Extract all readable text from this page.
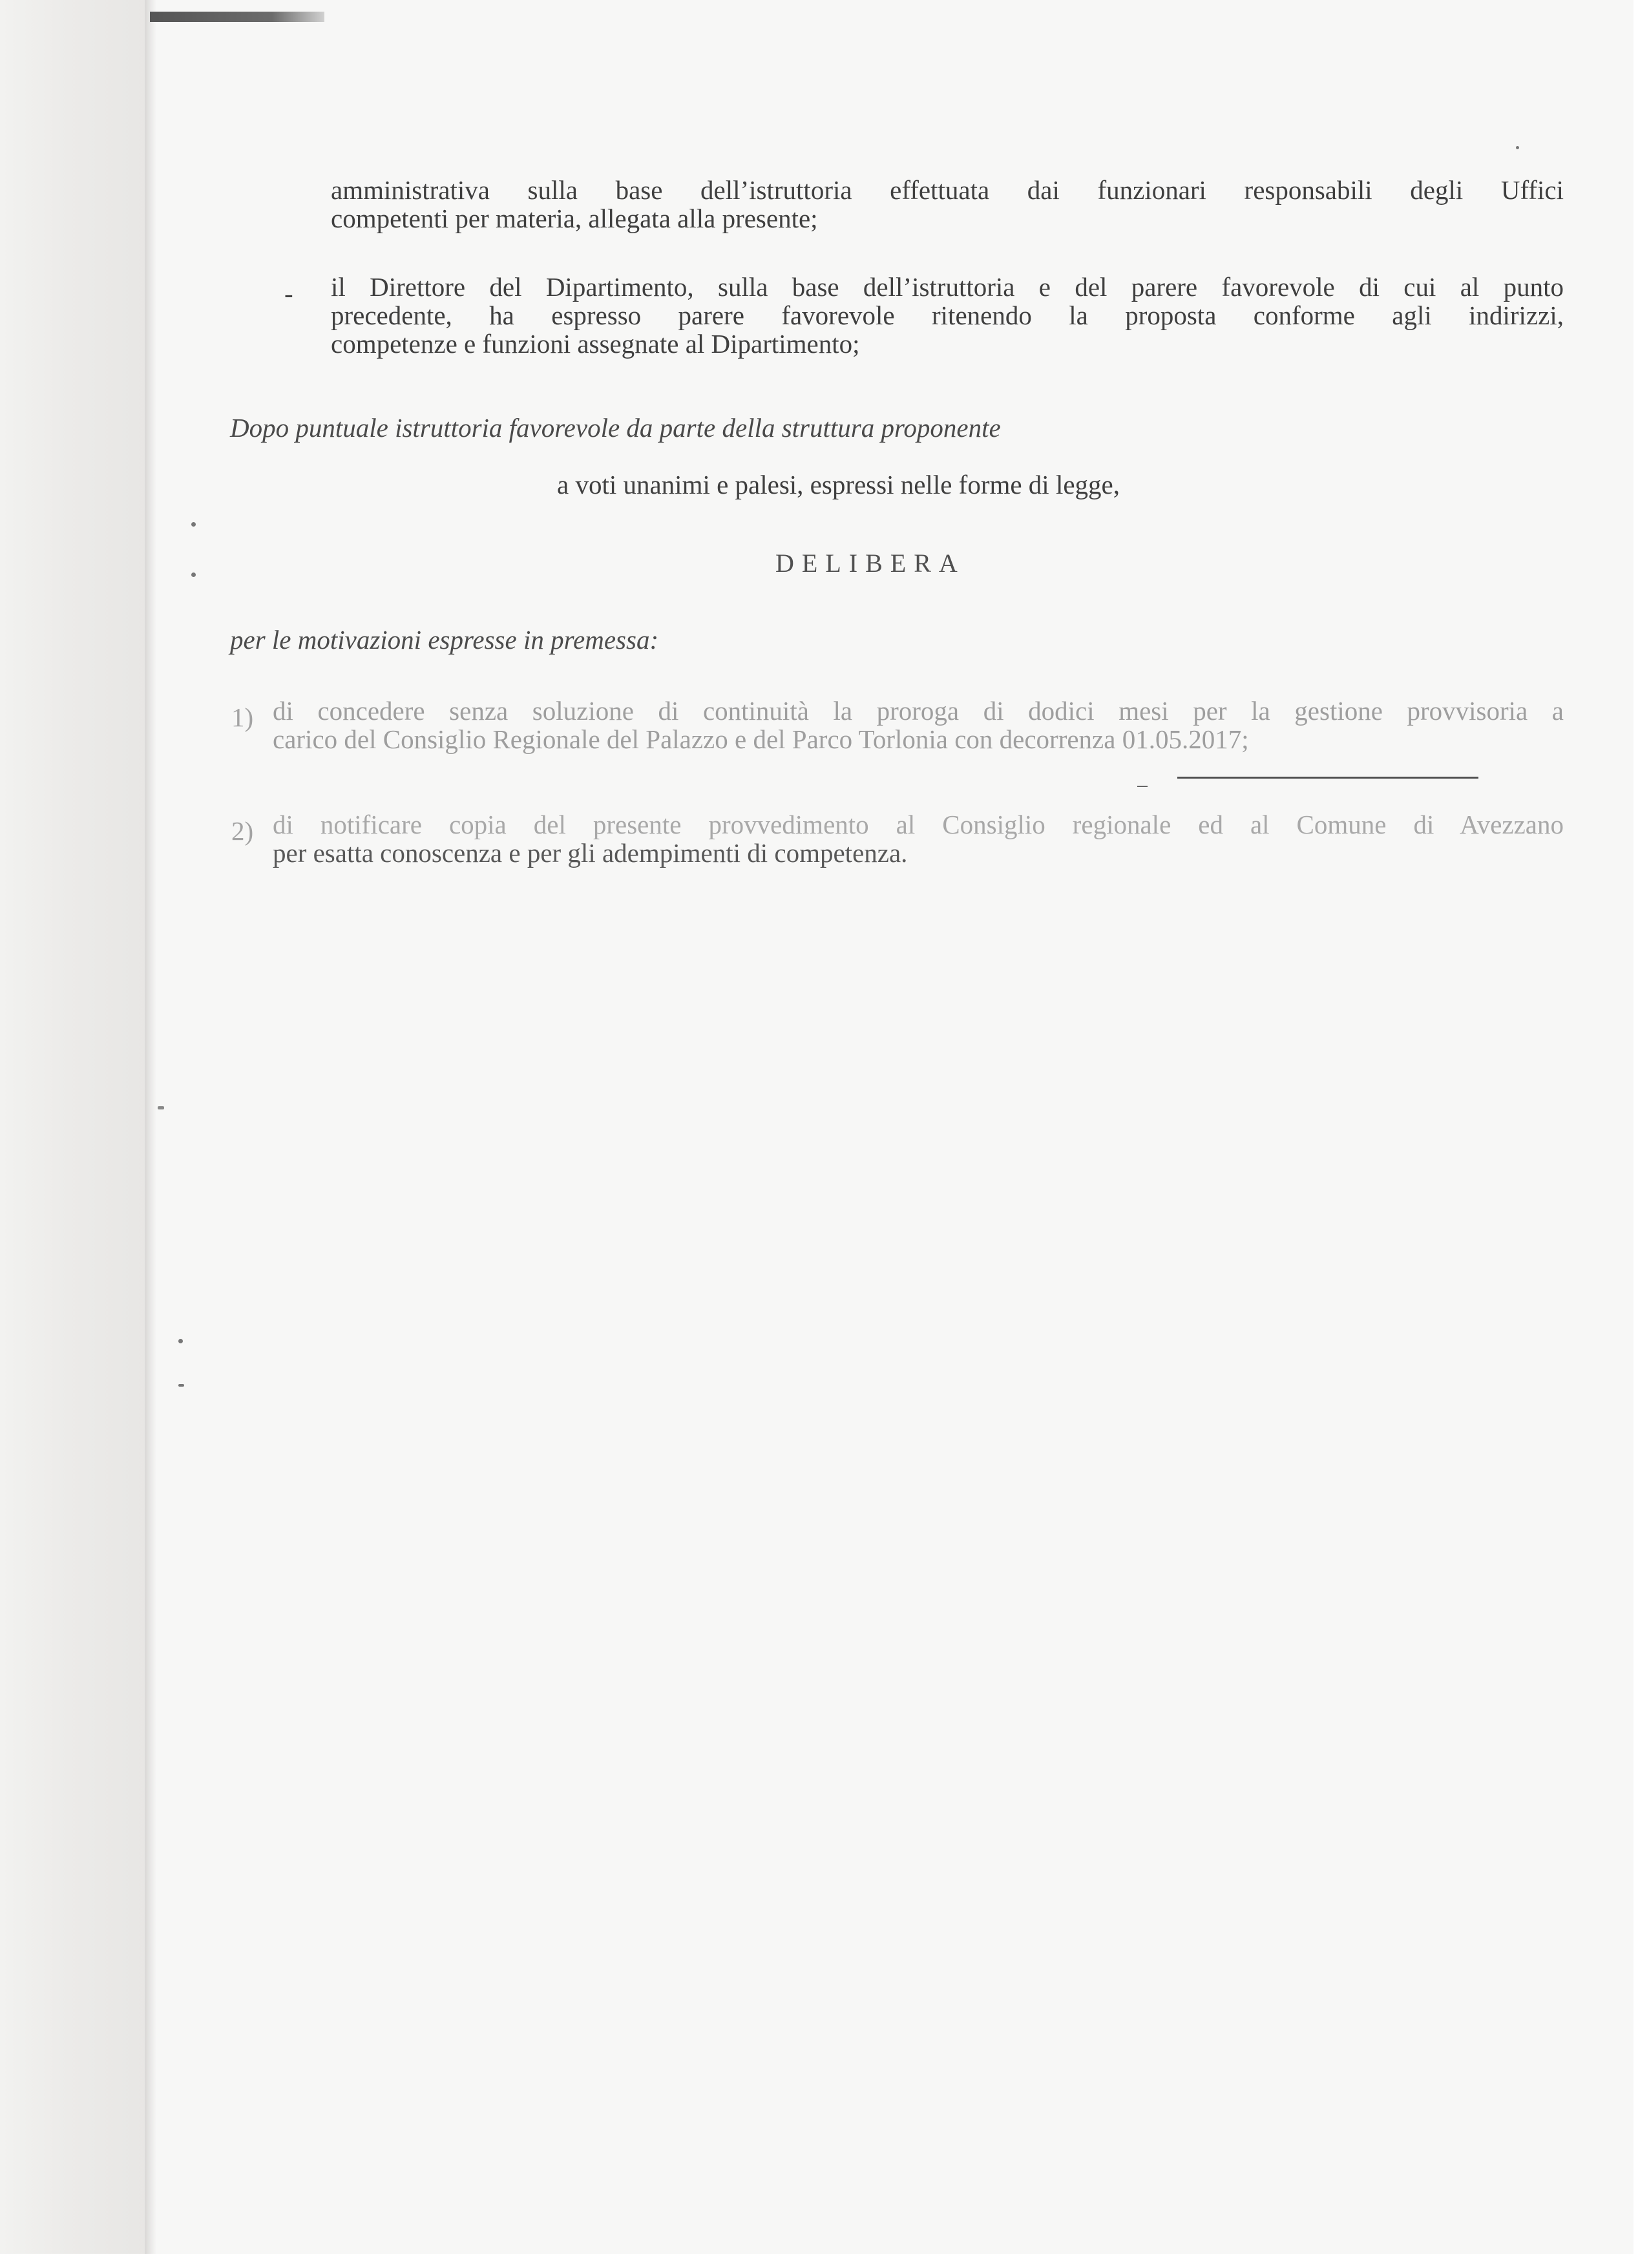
amministrativa sulla base dell’istruttoria effettuata dai funzionari responsabili degli Uffici
competenti per materia, allegata alla presente;
- il Direttore del Dipartimento, sulla base dell’istruttoria e del parere favorevole di cui al punto
precedente, ha espresso parere favorevole ritenendo la proposta conforme agli indirizzi,
competenze e funzioni assegnate al Dipartimento;
Dopo puntuale istruttoria favorevole da parte della struttura proponente
a voti unanimi e palesi, espressi nelle forme di legge,
DELIBERA
per le motivazioni espresse in premessa:
1) di concedere senza soluzione di continuità la proroga di dodici mesi per la gestione provvisoria a
carico del Consiglio Regionale del Palazzo e del Parco Torlonia con decorrenza 01.05.2017;
2) di notificare copia del presente provvedimento al Consiglio regionale ed al Comune di Avezzano
per esatta conoscenza e per gli adempimenti di competenza.
